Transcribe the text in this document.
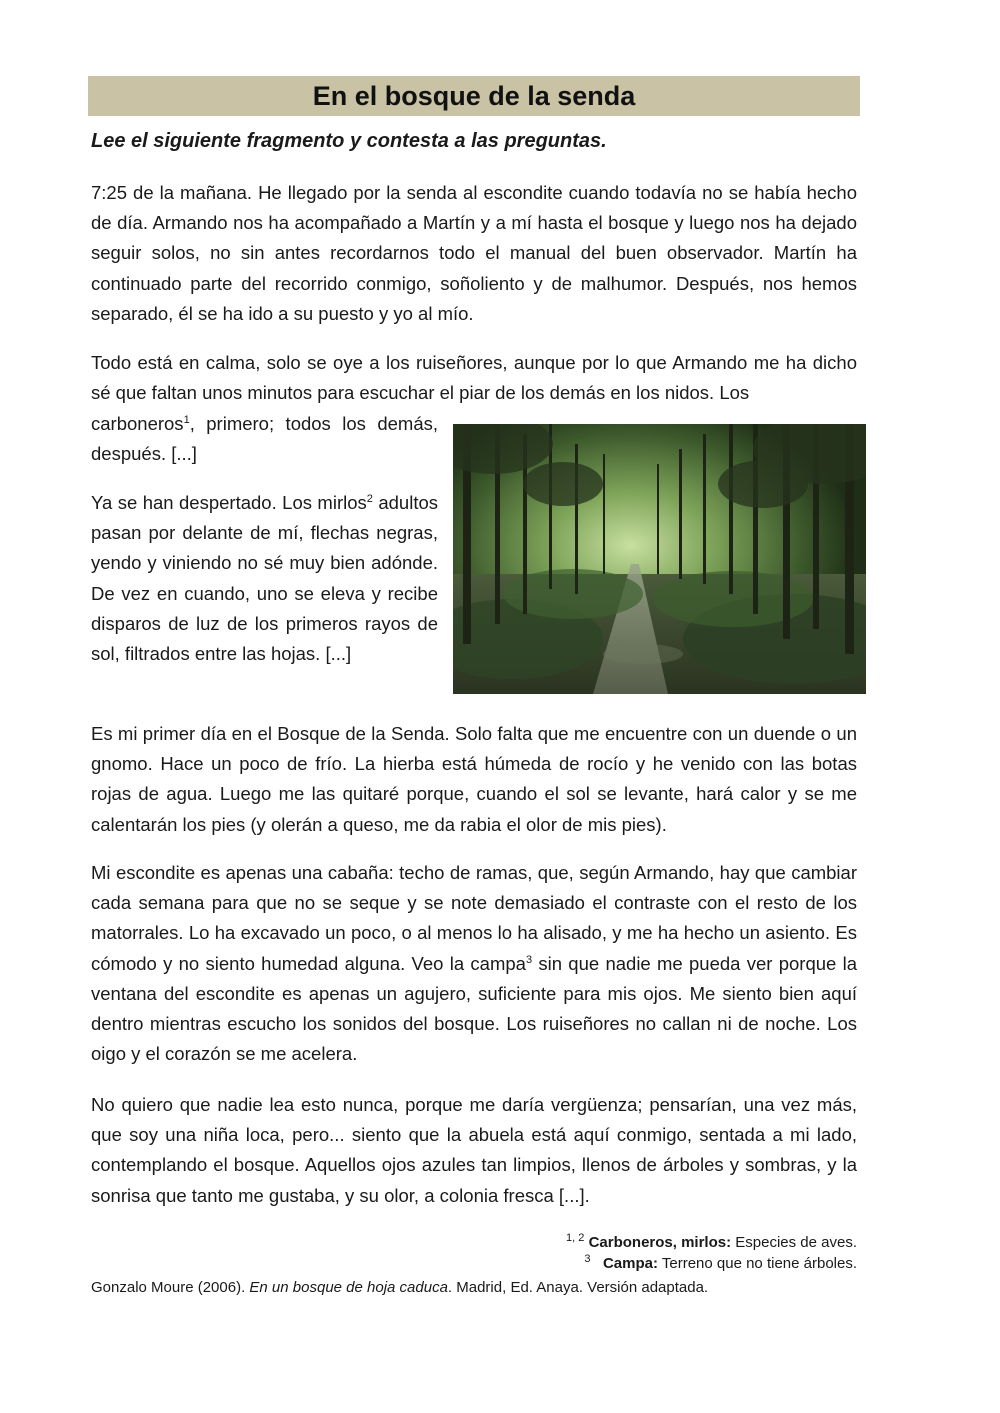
En el bosque de la senda

Lee el siguiente fragmento y contesta a las preguntas.

7:25 de la mañana. He llegado por la senda al escondite cuando todavía no se había hecho de día. Armando nos ha acompañado a Martín y a mí hasta el bosque y luego nos ha dejado seguir solos, no sin antes recordarnos todo el manual del buen observador. Martín ha continuado parte del recorrido conmigo, soñoliento y de malhumor. Después, nos hemos separado, él se ha ido a su puesto y yo al mío.

Todo está en calma, solo se oye a los ruiseñores, aunque por lo que Armando me ha dicho sé que faltan unos minutos para escuchar el piar de los demás en los nidos. Los

carboneros$^1$, primero; todos los demás, después. [...]

Ya se han despertado. Los mirlos$^2$ adultos pasan por delante de mí, flechas negras, yendo y viniendo no sé muy bien adónde. De vez en cuando, uno se eleva y recibe disparos de luz de los primeros rayos de sol, filtrados entre las hojas. [...]

Es mi primer día en el Bosque de la Senda. Solo falta que me encuentre con un duende o un gnomo. Hace un poco de frío. La hierba está húmeda de rocío y he venido con las botas rojas de agua. Luego me las quitaré porque, cuando el sol se levante, hará calor y se me calentarán los pies (y olerán a queso, me da rabia el olor de mis pies).

Mi escondite es apenas una cabaña: techo de ramas, que, según Armando, hay que cambiar cada semana para que no se seque y se note demasiado el contraste con el resto de los matorrales. Lo ha excavado un poco, o al menos lo ha alisado, y me ha hecho un asiento. Es cómodo y no siento humedad alguna. Veo la campa$^3$ sin que nadie me pueda ver porque la ventana del escondite es apenas un agujero, suficiente para mis ojos. Me siento bien aquí dentro mientras escucho los sonidos del bosque. Los ruiseñores no callan ni de noche. Los oigo y el corazón se me acelera.

No quiero que nadie lea esto nunca, porque me daría vergüenza; pensarían, una vez más, que soy una niña loca, pero... siento que la abuela está aquí conmigo, sentada a mi lado, contemplando el bosque. Aquellos ojos azules tan limpios, llenos de árboles y sombras, y la sonrisa que tanto me gustaba, y su olor, a colonia fresca [...].

$^{1, 2}$ Carboneros, mirlos: Especies de aves.
$^3$ Campa: Terreno que no tiene árboles.

Gonzalo Moure (2006). En un bosque de hoja caduca. Madrid, Ed. Anaya. Versión adaptada.
